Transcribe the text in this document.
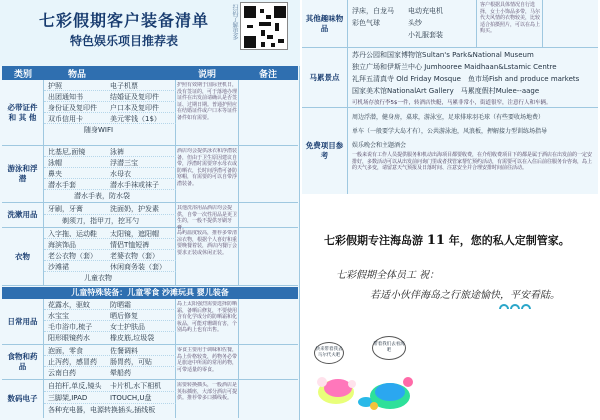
七彩假期客户装备清单
特色娱乐项目推荐表
扫码了解更多
类别	物品	说明	备注
必带证件和 其 他
护照	电子机票
出团通知书	结婚证及复印件
身份证及复印件 户口本及复印件
双币信用卡	美元零钱（1$）
随身WIFI
护照有效期于国际登机日，没有签证的，可于落地办理证件在出发前请确认是否签证、过期日期。普通护照应在结婚证件或户口本等证件备件如有需要。
游泳和浮潜
比基尼,面镜	泳裤
泳帽	浮潜三宝
鼻夹	水母衣
潜水手套	潜水手袜或袜子
潜水手表，防水袋
酒店均会提供泳衣和浮潜装备，但由于卫生原因建议自带，浮潜时需要穿水母衣或防晒衣，长时间浮潜可备防寒帽，有需要的可以自带浮潜装备。
洗漱用品
牙刷，牙膏	洗面奶，护发素
剃须刀，指甲刀，挖耳勺
其他洗浴用品酒店均会提供，自带一次性用品是更卫生的，一般不提供牙刷牙膏。
衣物
入字拖、运动鞋 太阳镜，遮阳帽
海滨饰品	情侣T恤短裤
老公衣物（套） 老婆衣物（套）
沙滩裙	休闲商务装（套）
儿童衣物
岛屿温度较高，推荐多带清凉衣物，根据个人喜好和重要晚餐着装，酒店内餐厅会要求正装或休闲正装。
儿童特殊装备：儿童零食 沙滩玩具 婴儿装备
日常用品
花露水，驱蚊	防晒霜
水宝宝	晒后修复
毛巾浴巾,梳子	女士护肤品
阳形眼镜药水	橡皮筋,垃圾袋
岛上太阳强烈需要选择防晒霜，备晒后修复，不要使用含有化学成分的防晒霜和化妆品，可能对珊瑚有害，个别岛屿上也有出售。
食物和药品
泡面，零食	佐餐调料
止泻药，感冒药 肠胃药，可贴
云南白药	晕船药
零食主要用于调味和佐餐，岛上价格较贵，药物务必带足旅途中所需的常用药物，可带适量的零食。
数码电子
自拍杆,单反,镜头 卡片机,水下相机
三脚架,IPAD	ITOUCH,U盘
各种充电器，电源转换插头,插线板
需要转换插头，一般酒店是英标插座，大部分酒店可提供。推荐带多口插线板。
其他趣味物 品
浮床，白龙马　　电动充电机
彩色气球　　　　头纱
　　　　　　　　小礼服套装
客户根据具体情况自行选择，女士小饰品多带，马尔代夫风情的衣物较美，比较适合拍摄照片，可以在岛上购买。
马累景点
苏丹公园和国家博物馆Sultan's Park&National Museum
独立广场和伊斯兰中心 Jumhooree Maidhaan&Lstamic Centre
礼拜五清真寺 Old Friday Mosque　鱼市场Fish and produce markets
国家美术馆NationalArt Gallery　马累度假村Mulee--aage
可机场存放行李5$一件，转酒店快艇，马累非常小，街道很窄，注意行人和车辆。
免费项目参 考
周边浮潜，健身房，桌球，游泳室，足球排球羽毛球（有些要收场地费）
单车（一般要学大岛才有），公共游泳池，风浪板，押解接力型训练场指导
娱乐晚会和主题酒会
一般来说有工作人员提供服务和机动出海项目都要收费，在介绍收费项目下的都是属于酒店在出发前的一定安排好，多数活动可以从出发前问询门里或者找管家帮忙预约活动，有需要可以在入住后前往服务台咨询，岛上的天气多变，请留意天气预报及日落时间、注意安全并合理安排时间前往活动。
七彩假期专注海岛游 11 年，您的私人定制管家。
七彩假期全体员工 祝：
若适小伙伴海岛之行旅途愉快，平安看陆。
快来带着我去马尔代夫吧
带着我们去看海吧
